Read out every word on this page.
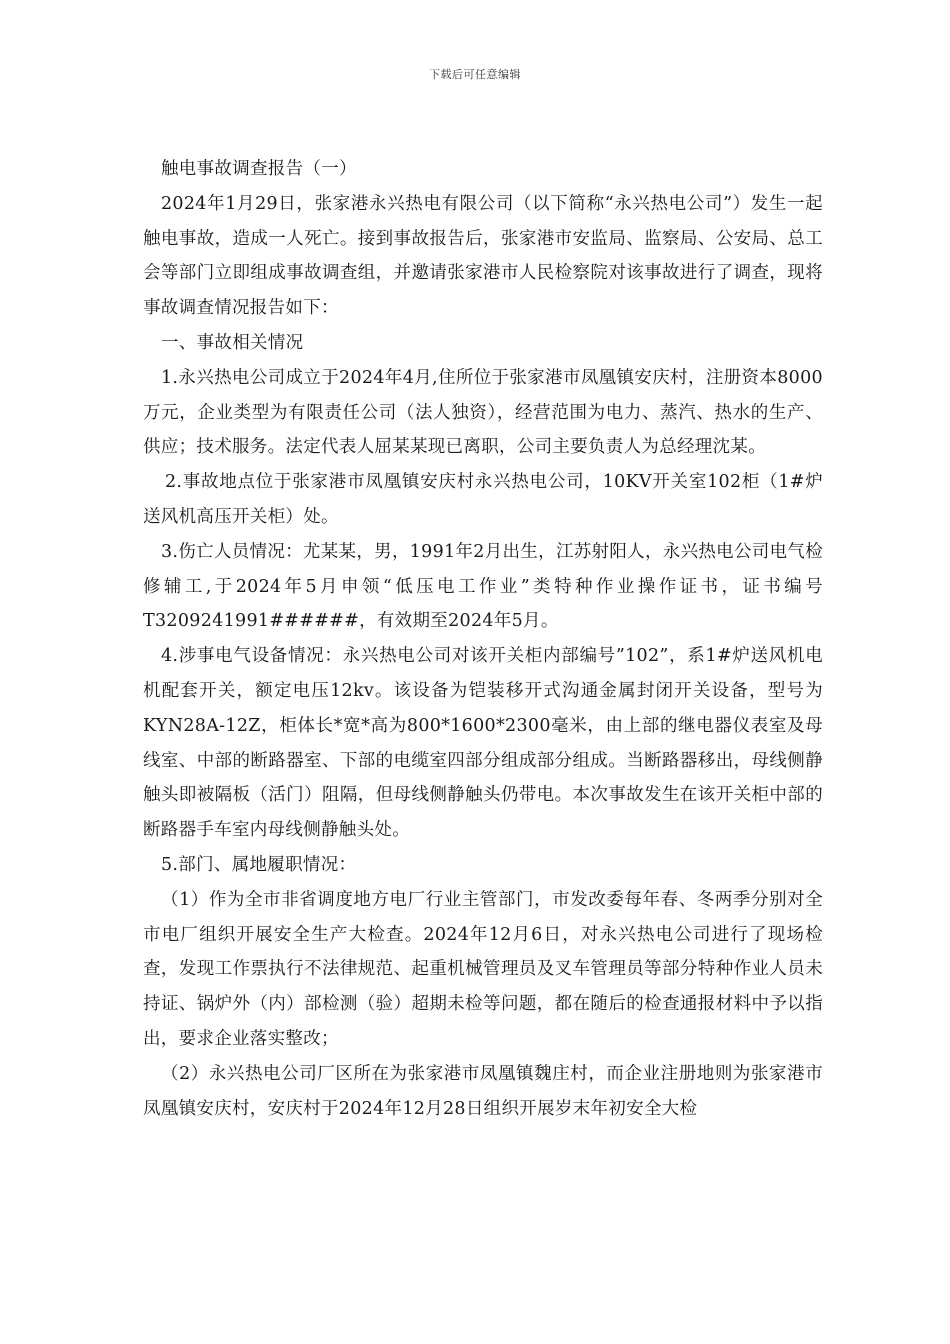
下载后可任意编辑

触电事故调查报告（一）

2024年1月29日，张家港永兴热电有限公司（以下简称“永兴热电公司”）发生一起触电事故，造成一人死亡。接到事故报告后，张家港市安监局、监察局、公安局、总工会等部门立即组成事故调查组，并邀请张家港市人民检察院对该事故进行了调查，现将事故调查情况报告如下：

一、事故相关情况

1.永兴热电公司成立于2024年4月,住所位于张家港市凤凰镇安庆村，注册资本8000万元，企业类型为有限责任公司（法人独资），经营范围为电力、蒸汽、热水的生产、供应；技术服务。法定代表人屈某某现已离职，公司主要负责人为总经理沈某。

2.事故地点位于张家港市凤凰镇安庆村永兴热电公司，10KV开关室102柜（1#炉送风机高压开关柜）处。

3.伤亡人员情况：尤某某，男，1991年2月出生，江苏射阳人，永兴热电公司电气检修辅工,于2024年5月申领“低压电工作业”类特种作业操作证书，证书编号T3209241991######，有效期至2024年5月。

4.涉事电气设备情况：永兴热电公司对该开关柜内部编号”102”，系1#炉送风机电机配套开关，额定电压12kv。该设备为铠装移开式沟通金属封闭开关设备，型号为KYN28A-12Z，柜体长*宽*高为800*1600*2300毫米，由上部的继电器仪表室及母线室、中部的断路器室、下部的电缆室四部分组成部分组成。当断路器移出，母线侧静触头即被隔板（活门）阻隔，但母线侧静触头仍带电。本次事故发生在该开关柜中部的断路器手车室内母线侧静触头处。

5.部门、属地履职情况：

（1）作为全市非省调度地方电厂行业主管部门，市发改委每年春、冬两季分别对全市电厂组织开展安全生产大检查。2024年12月6日，对永兴热电公司进行了现场检查，发现工作票执行不法律规范、起重机械管理员及叉车管理员等部分特种作业人员未持证、锅炉外（内）部检测（验）超期未检等问题，都在随后的检查通报材料中予以指出，要求企业落实整改；

（2）永兴热电公司厂区所在为张家港市凤凰镇魏庄村，而企业注册地则为张家港市凤凰镇安庆村，安庆村于2024年12月28日组织开展岁末年初安全大检
